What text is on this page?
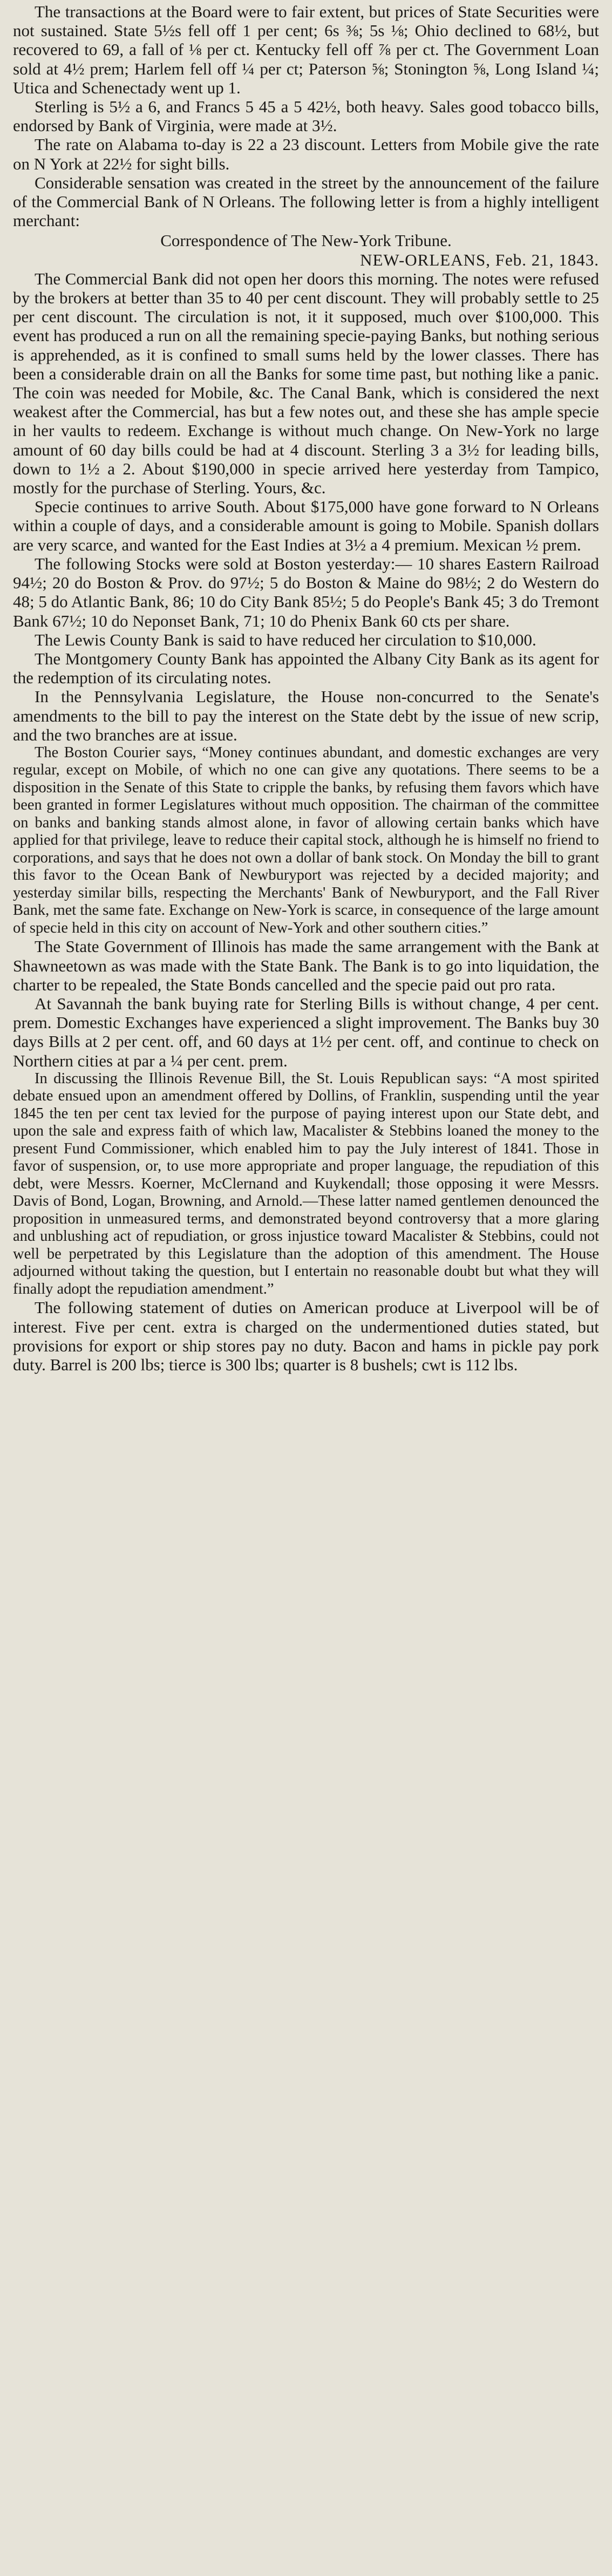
The transactions at the Board were to fair extent, but prices of State Securities were not sustained. State 5½s fell off 1 per cent; 6s ⅜; 5s ⅛; Ohio declined to 68½, but recovered to 69, a fall of ⅛ per ct. Kentucky fell off ⅞ per ct. The Government Loan sold at 4½ prem; Harlem fell off ¼ per ct; Paterson ⅝; Stonington ⅝, Long Island ¼; Utica and Schenectady went up 1.

Sterling is 5½ a 6, and Francs 5 45 a 5 42½, both heavy. Sales good tobacco bills, endorsed by Bank of Virginia, were made at 3½.

The rate on Alabama to-day is 22 a 23 discount. Letters from Mobile give the rate on N York at 22½ for sight bills.

Considerable sensation was created in the street by the announcement of the failure of the Commercial Bank of N Orleans. The following letter is from a highly intelligent merchant:

Correspondence of The New-York Tribune.

NEW-ORLEANS, Feb. 21, 1843.

The Commercial Bank did not open her doors this morning. The notes were refused by the brokers at better than 35 to 40 per cent discount. They will probably settle to 25 per cent discount. The circulation is not, it it supposed, much over $100,000. This event has produced a run on all the remaining specie-paying Banks, but nothing serious is apprehended, as it is confined to small sums held by the lower classes. There has been a considerable drain on all the Banks for some time past, but nothing like a panic. The coin was needed for Mobile, &c. The Canal Bank, which is considered the next weakest after the Commercial, has but a few notes out, and these she has ample specie in her vaults to redeem. Exchange is without much change. On New-York no large amount of 60 day bills could be had at 4 discount. Sterling 3 a 3½ for leading bills, down to 1½ a 2. About $190,000 in specie arrived here yesterday from Tampico, mostly for the purchase of Sterling. Yours, &c.

Specie continues to arrive South. About $175,000 have gone forward to N Orleans within a couple of days, and a considerable amount is going to Mobile. Spanish dollars are very scarce, and wanted for the East Indies at 3½ a 4 premium. Mexican ½ prem.

The following Stocks were sold at Boston yesterday:— 10 shares Eastern Railroad 94½; 20 do Boston & Prov. do 97½; 5 do Boston & Maine do 98½; 2 do Western do 48; 5 do Atlantic Bank, 86; 10 do City Bank 85½; 5 do People's Bank 45; 3 do Tremont Bank 67½; 10 do Neponset Bank, 71; 10 do Phenix Bank 60 cts per share.

The Lewis County Bank is said to have reduced her circulation to $10,000.

The Montgomery County Bank has appointed the Albany City Bank as its agent for the redemption of its circulating notes.

In the Pennsylvania Legislature, the House non-concurred to the Senate's amendments to the bill to pay the interest on the State debt by the issue of new scrip, and the two branches are at issue.

The Boston Courier says, “Money continues abundant, and domestic exchanges are very regular, except on Mobile, of which no one can give any quotations. There seems to be a disposition in the Senate of this State to cripple the banks, by refusing them favors which have been granted in former Legislatures without much opposition. The chairman of the committee on banks and banking stands almost alone, in favor of allowing certain banks which have applied for that privilege, leave to reduce their capital stock, although he is himself no friend to corporations, and says that he does not own a dollar of bank stock. On Monday the bill to grant this favor to the Ocean Bank of Newburyport was rejected by a decided majority; and yesterday similar bills, respecting the Merchants' Bank of Newburyport, and the Fall River Bank, met the same fate. Exchange on New-York is scarce, in consequence of the large amount of specie held in this city on account of New-York and other southern cities.”

The State Government of Illinois has made the same arrangement with the Bank at Shawneetown as was made with the State Bank. The Bank is to go into liquidation, the charter to be repealed, the State Bonds cancelled and the specie paid out pro rata.

At Savannah the bank buying rate for Sterling Bills is without change, 4 per cent. prem. Domestic Exchanges have experienced a slight improvement. The Banks buy 30 days Bills at 2 per cent. off, and 60 days at 1½ per cent. off, and continue to check on Northern cities at par a ¼ per cent. prem.

In discussing the Illinois Revenue Bill, the St. Louis Republican says: “A most spirited debate ensued upon an amendment offered by Dollins, of Franklin, suspending until the year 1845 the ten per cent tax levied for the purpose of paying interest upon our State debt, and upon the sale and express faith of which law, Macalister & Stebbins loaned the money to the present Fund Commissioner, which enabled him to pay the July interest of 1841. Those in favor of suspension, or, to use more appropriate and proper language, the repudiation of this debt, were Messrs. Koerner, McClernand and Kuykendall; those opposing it were Messrs. Davis of Bond, Logan, Browning, and Arnold.—These latter named gentlemen denounced the proposition in unmeasured terms, and demonstrated beyond controversy that a more glaring and unblushing act of repudiation, or gross injustice toward Macalister & Stebbins, could not well be perpetrated by this Legislature than the adoption of this amendment. The House adjourned without taking the question, but I entertain no reasonable doubt but what they will finally adopt the repudiation amendment.”

The following statement of duties on American produce at Liverpool will be of interest. Five per cent. extra is charged on the undermentioned duties stated, but provisions for export or ship stores pay no duty. Bacon and hams in pickle pay pork duty. Barrel is 200 lbs; tierce is 300 lbs; quarter is 8 bushels; cwt is 112 lbs.
